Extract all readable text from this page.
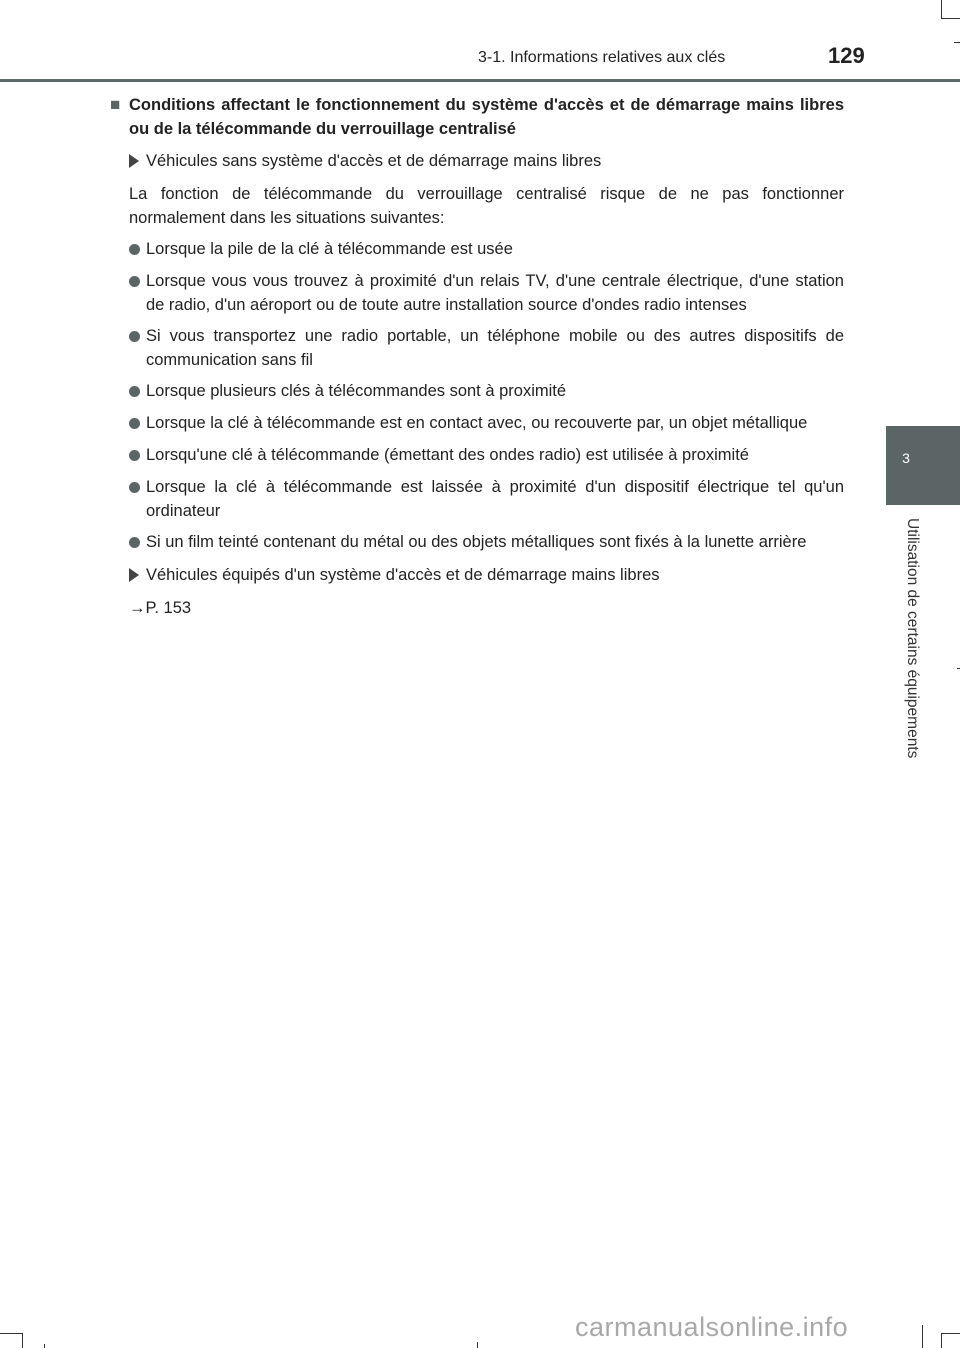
3-1. Informations relatives aux clés	129
3
Utilisation de certains équipements
■ Conditions affectant le fonctionnement du système d'accès et de démarrage mains libres ou de la télécommande du verrouillage centralisé
Véhicules sans système d'accès et de démarrage mains libres
La fonction de télécommande du verrouillage centralisé risque de ne pas fonctionner normalement dans les situations suivantes:
Lorsque la pile de la clé à télécommande est usée
Lorsque vous vous trouvez à proximité d'un relais TV, d'une centrale électrique, d'une station de radio, d'un aéroport ou de toute autre installation source d'ondes radio intenses
Si vous transportez une radio portable, un téléphone mobile ou des autres dispositifs de communication sans fil
Lorsque plusieurs clés à télécommandes sont à proximité
Lorsque la clé à télécommande est en contact avec, ou recouverte par, un objet métallique
Lorsqu'une clé à télécommande (émettant des ondes radio) est utilisée à proximité
Lorsque la clé à télécommande est laissée à proximité d'un dispositif électrique tel qu'un ordinateur
Si un film teinté contenant du métal ou des objets métalliques sont fixés à la lunette arrière
Véhicules équipés d'un système d'accès et de démarrage mains libres
→P. 153
carmanualsonline.info
